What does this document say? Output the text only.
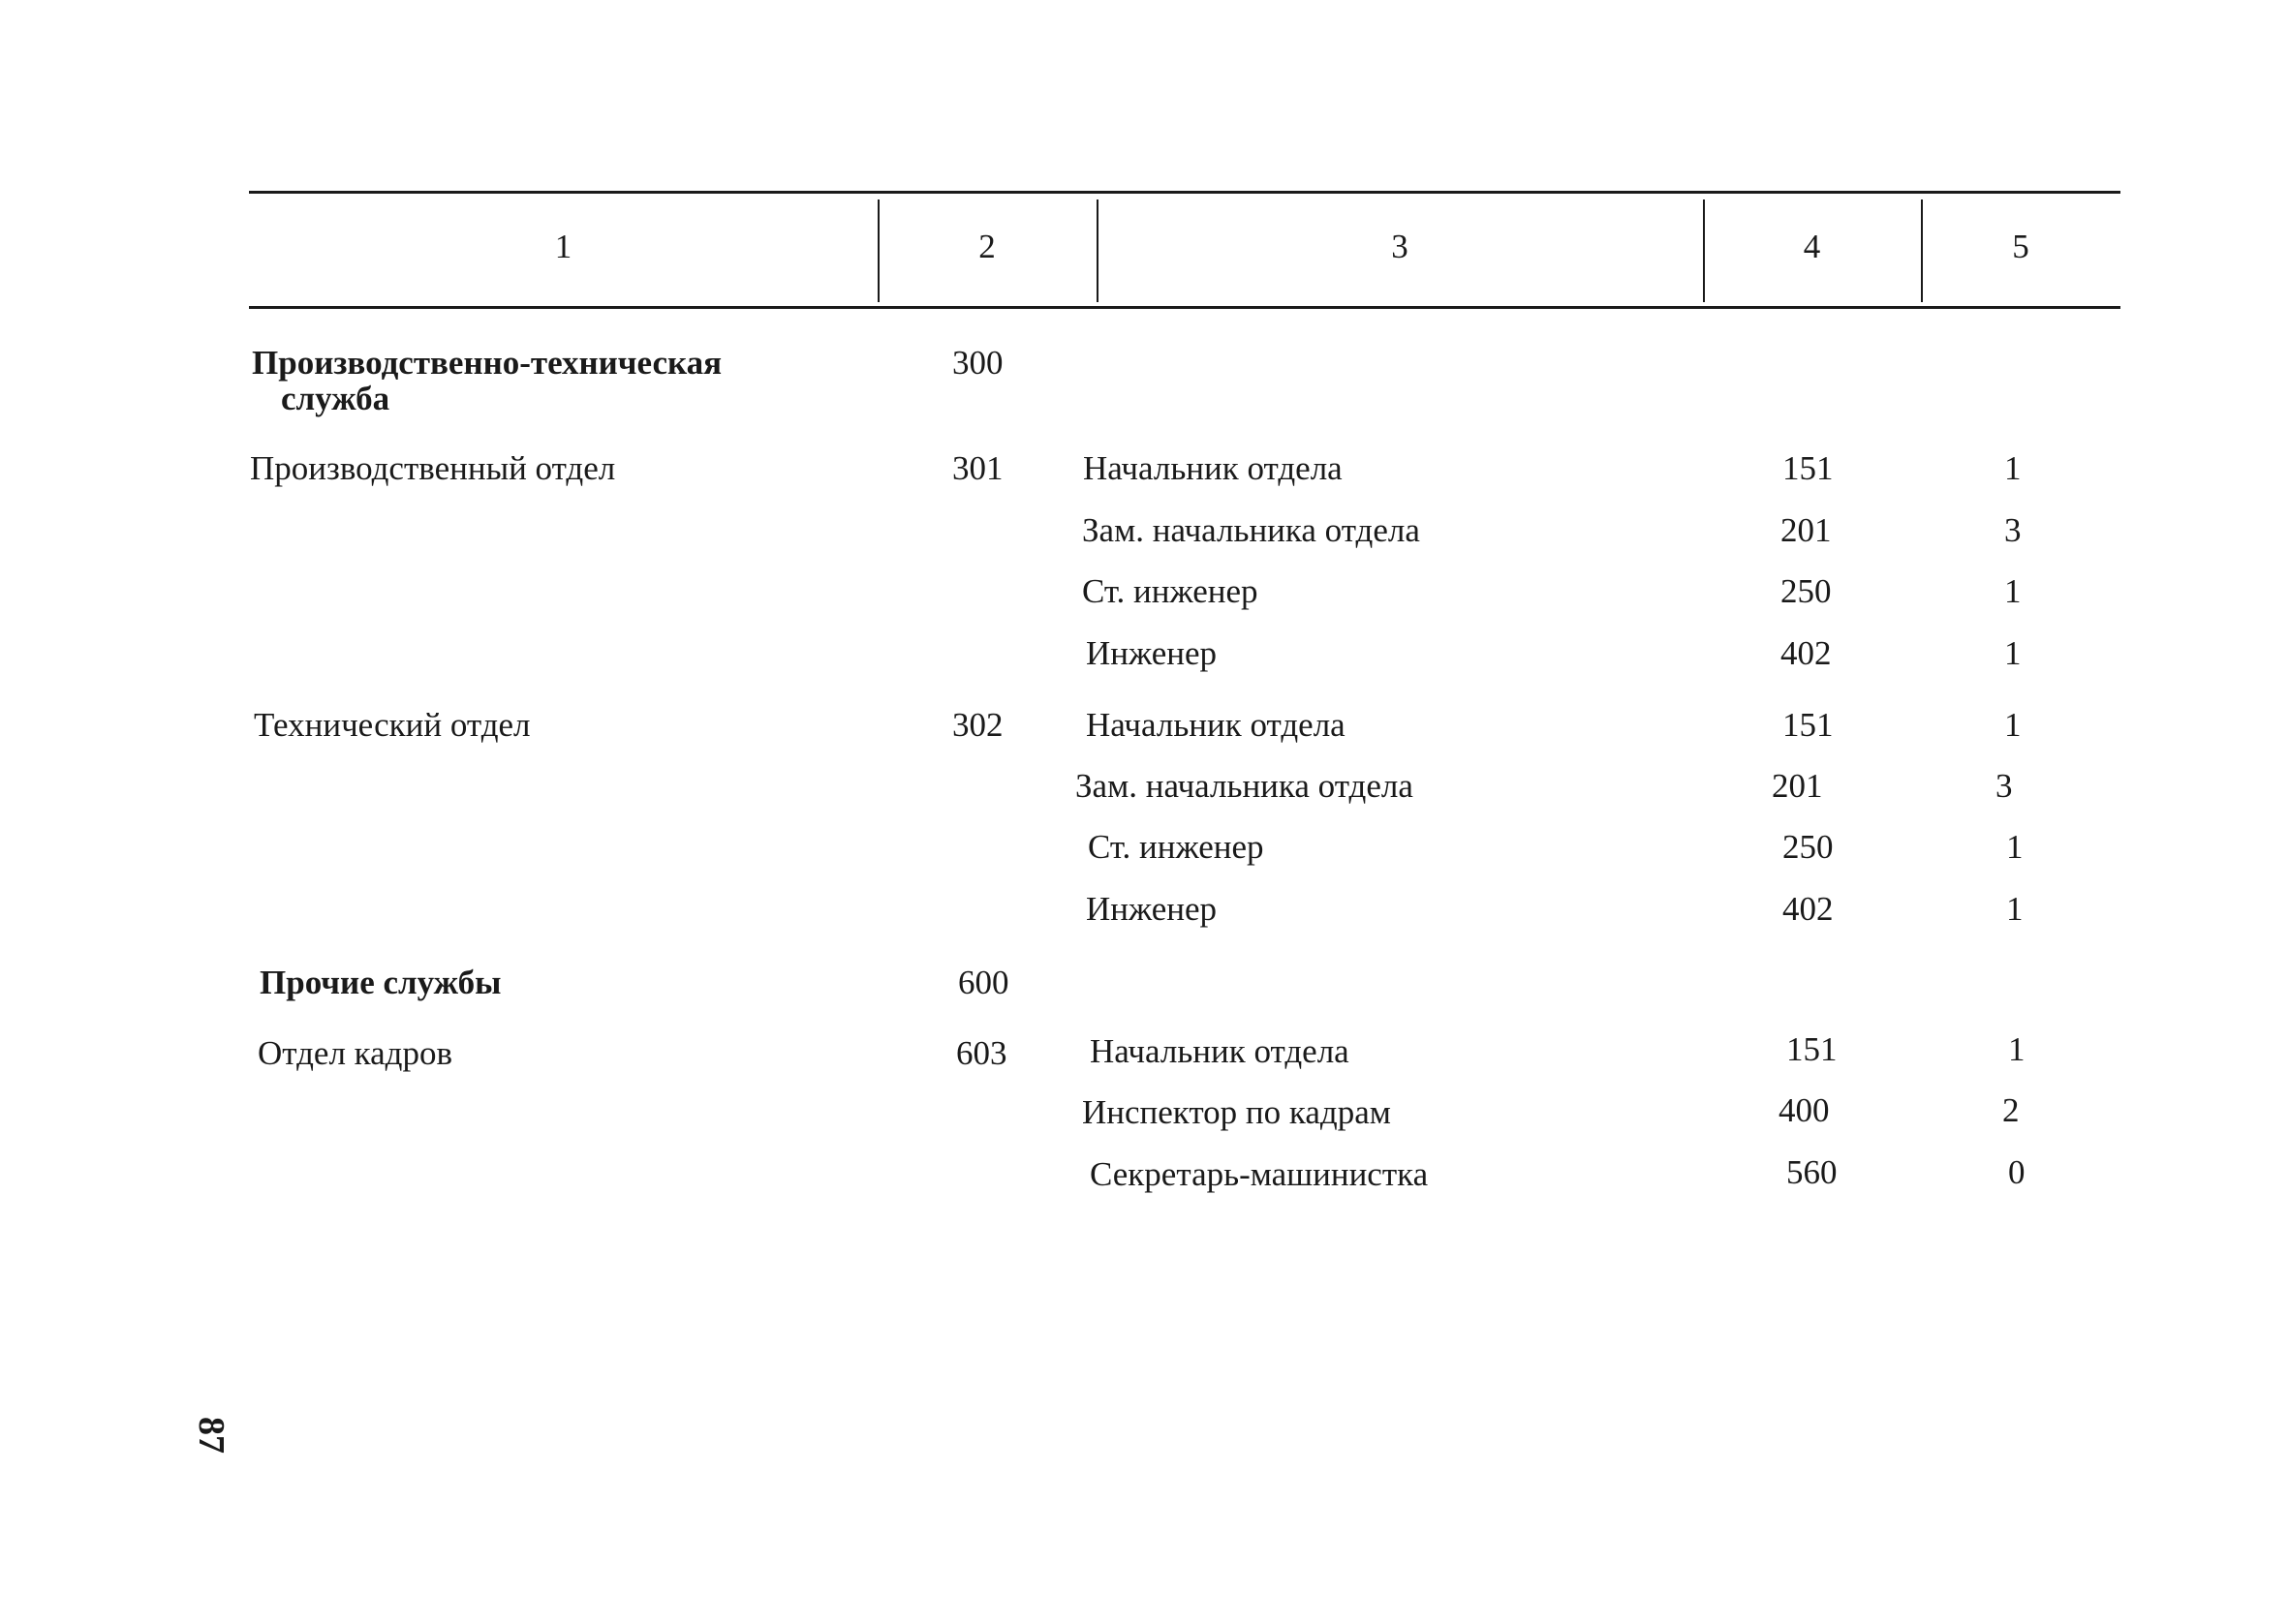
1	2	3	4	5
Производственно-техническая
служба
300
Производственный отдел	301 Начальник отдела	151	1
Зам. начальника отдела	201	3
Ст. инженер	250	1
Инженер	402	1
Технический отдел	302 Начальник отдела	151	1
Зам. начальника отдела	201	3
Ст. инженер	250	1
Инженер	402	1
Прочие службы	600
Отдел кадров	603 Начальник отдела	151	1
Инспектор по кадрам	400	2
Секретарь-машинистка	560	0
87
